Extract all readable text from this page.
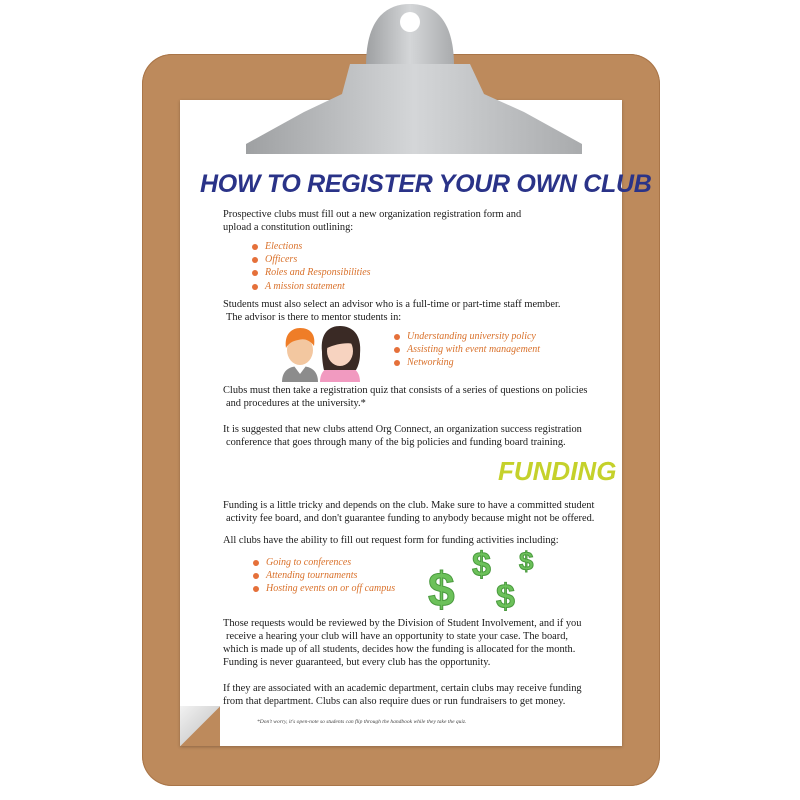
HOW TO REGISTER YOUR OWN CLUB
Prospective clubs must fill out a new organization registration form and
upload a constitution outlining:
Elections
Officers
Roles and Responsibilities
A mission statement
Students must also select an advisor who is a full-time or part-time staff member.
The advisor is there to mentor students in:
Understanding university policy
Assisting with event management
Networking
Clubs must then take a registration quiz that consists of a series of questions on policies
and procedures at the university.*
It is suggested that new clubs attend Org Connect, an organization success registration
conference that goes through many of the big policies and funding board training.
FUNDING
Funding is a little tricky and depends on the club. Make sure to have a committed student
activity fee board, and don't guarantee funding to anybody because might not be offered.
All clubs have the ability to fill out request form for funding activities including:
Going to conferences
Attending tournaments
Hosting events on or off campus $ $
$
$
Those requests would be reviewed by the Division of Student Involvement, and if you
receive a hearing your club will have an opportunity to state your case. The board,
which is made up of all students, decides how the funding is allocated for the month.
Funding is never guaranteed, but every club has the opportunity.
If they are associated with an academic department, certain clubs may receive funding
from that department. Clubs can also require dues or run fundraisers to get money.
*Don't worry, it's open-note so students can flip through the handbook while they take the quiz.
